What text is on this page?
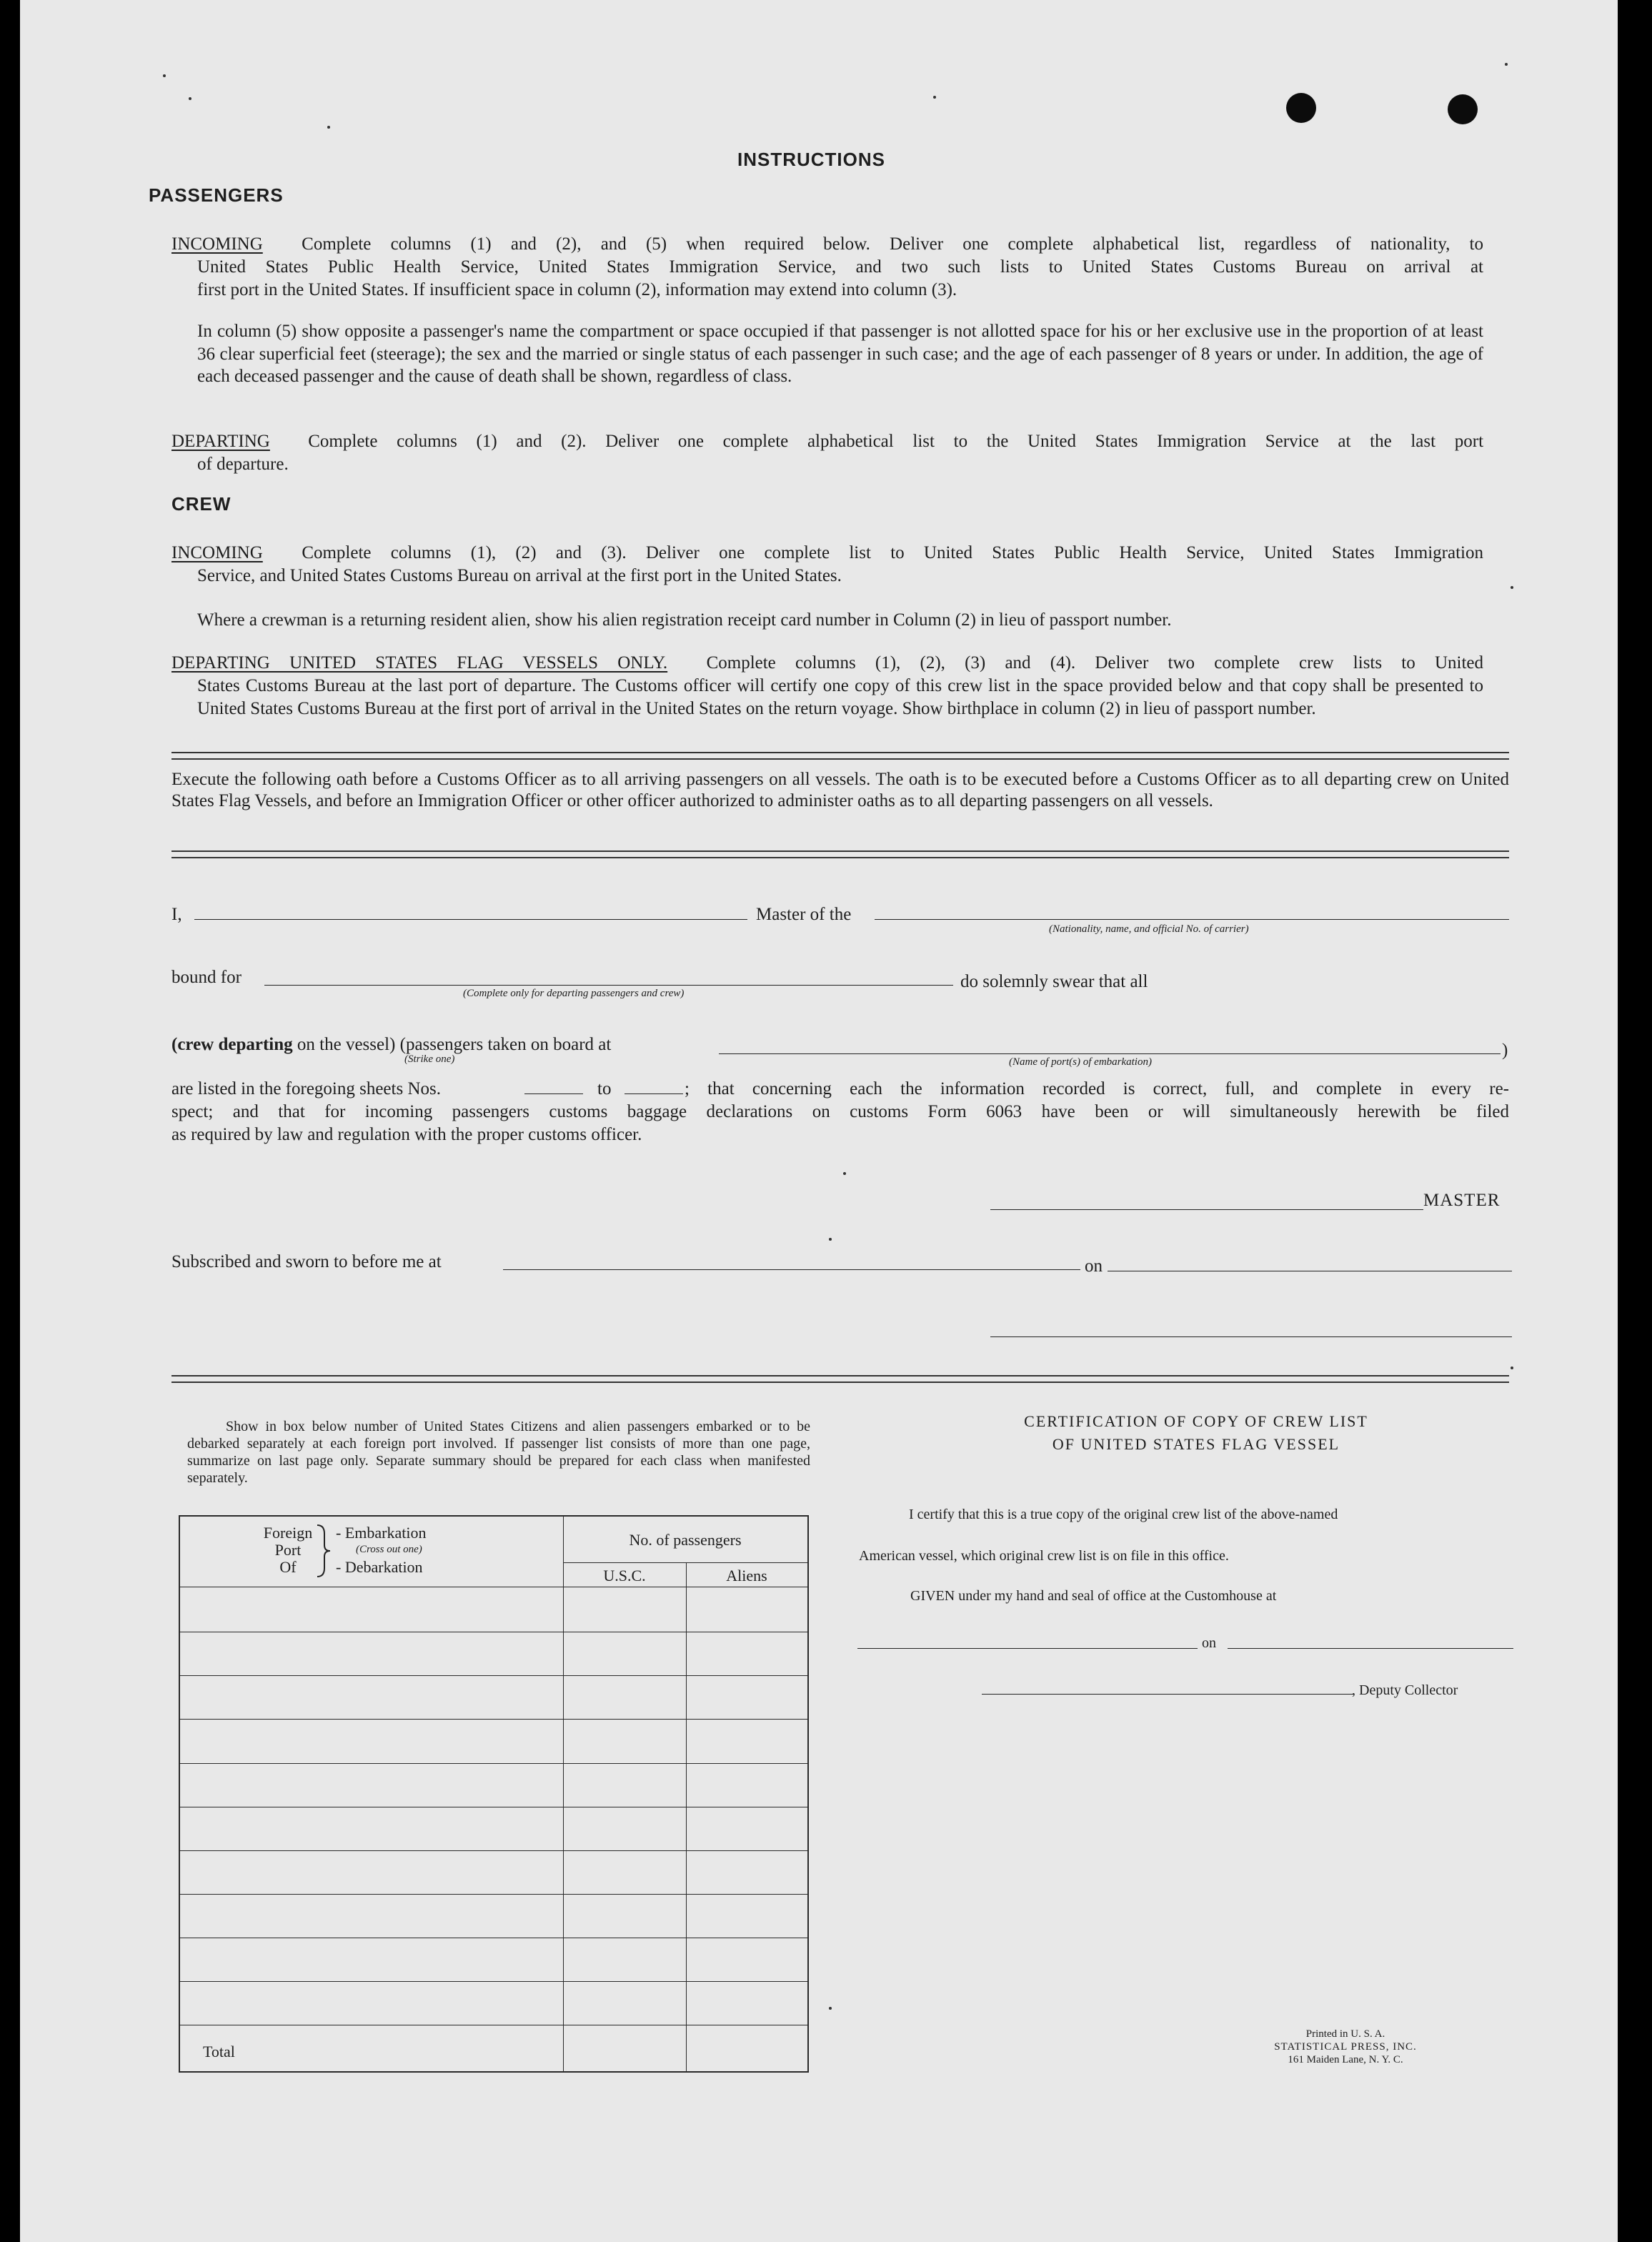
INSTRUCTIONS
PASSENGERS
INCOMING Complete columns (1) and (2), and (5) when required below. Deliver one complete alphabetical list, regardless of nationality, to
United States Public Health Service, United States Immigration Service, and two such lists to United States Customs Bureau on arrival at
first port in the United States. If insufficient space in column (2), information may extend into column (3).
In column (5) show opposite a passenger's name the compartment or space occupied if that passenger is not allotted space for his or her exclusive use in the proportion of at least 36 clear superficial feet (steerage); the sex and the married or single status of each passenger in such case; and the age of each passenger of 8 years or under. In addition, the age of each deceased passenger and the cause of death shall be shown, regardless of class.
DEPARTING Complete columns (1) and (2). Deliver one complete alphabetical list to the United States Immigration Service at the last port
of departure.
CREW
INCOMING Complete columns (1), (2) and (3). Deliver one complete list to United States Public Health Service, United States Immigration
Service, and United States Customs Bureau on arrival at the first port in the United States.
Where a crewman is a returning resident alien, show his alien registration receipt card number in Column (2) in lieu of passport number.
DEPARTING UNITED STATES FLAG VESSELS ONLY. Complete columns (1), (2), (3) and (4). Deliver two complete crew lists to United
States Customs Bureau at the last port of departure. The Customs officer will certify one copy of this crew list in the space provided below and that copy shall be presented to United States Customs Bureau at the first port of arrival in the United States on the return voyage. Show birthplace in column (2) in lieu of passport number.
Execute the following oath before a Customs Officer as to all arriving passengers on all vessels. The oath is to be executed before a Customs Officer as to all departing crew on United States Flag Vessels, and before an Immigration Officer or other officer authorized to administer oaths as to all departing passengers on all vessels.
I,	Master of the
(Nationality, name, and official No. of carrier)
bound for
(Complete only for departing passengers and crew)
do solemnly swear that all
(crew departing on the vessel) (passengers taken on board at
(Strike one)	)
(Name of port(s) of embarkation)
are listed in the foregoing sheets Nos.	to	; that concerning each the information recorded is correct, full, and complete in every re-
spect; and that for incoming passengers customs baggage declarations on customs Form 6063 have been or will simultaneously herewith be filed
as required by law and regulation with the proper customs officer.
MASTER
Subscribed and sworn to before me at	on
Show in box below number of United States Citizens and alien passengers embarked or to be debarked separately at each foreign port involved. If passenger list consists of more than one page, summarize on last page only. Separate summary should be prepared for each class when manifested separately.
Foreign
Port
Of
- Embarkation
(Cross out one)
- Debarkation
No. of passengers
U.S.C.	Aliens
Total
CERTIFICATION OF COPY OF CREW LIST
OF UNITED STATES FLAG VESSEL
I certify that this is a true copy of the original crew list of the above-named
American vessel, which original crew list is on file in this office.
GIVEN under my hand and seal of office at the Customhouse at
on
, Deputy Collector
Printed in U. S. A.
STATISTICAL PRESS, INC.
161 Maiden Lane, N. Y. C.
